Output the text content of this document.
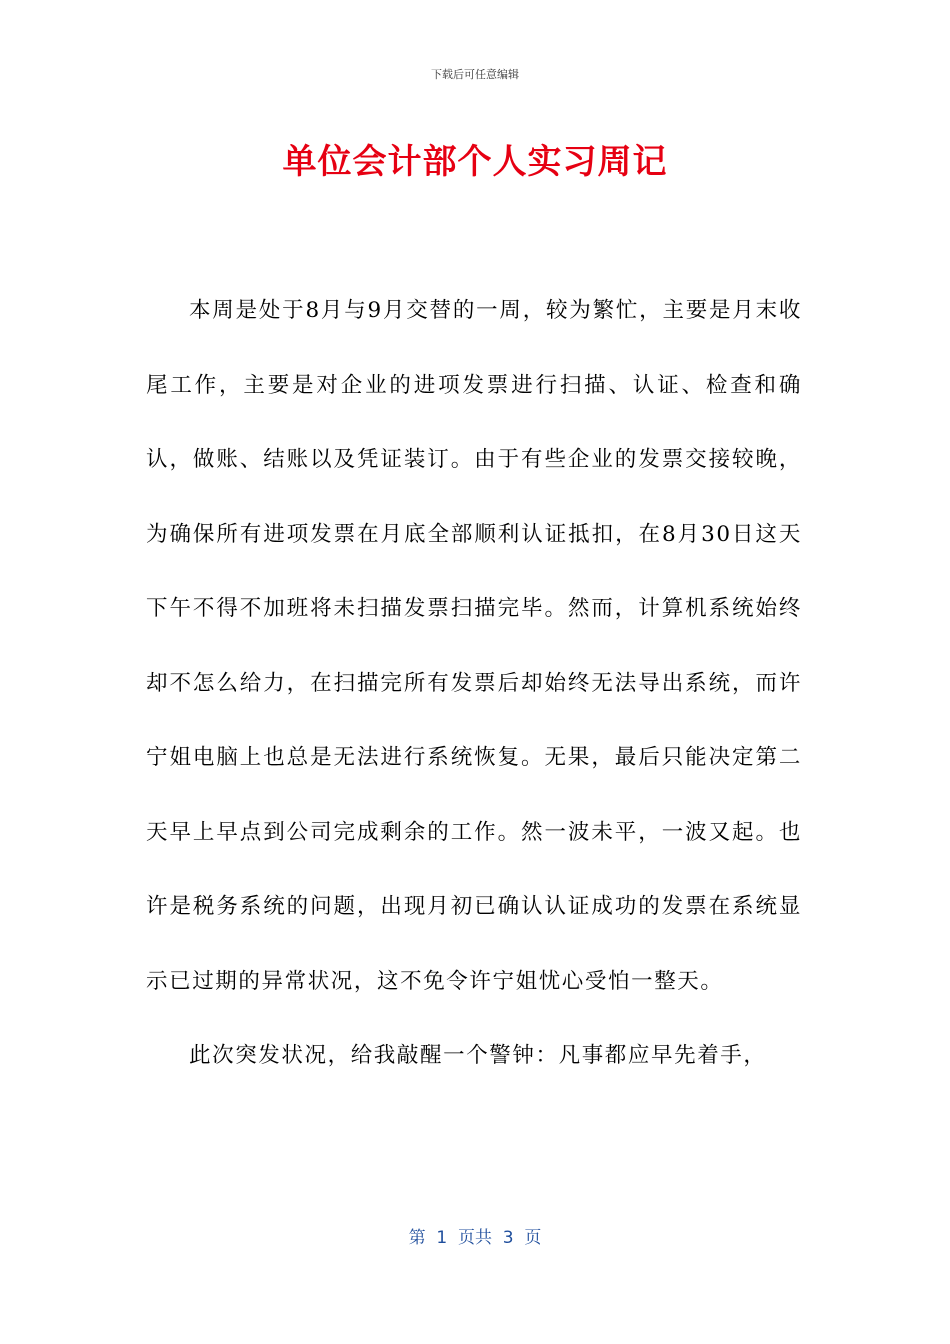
下载后可任意编辑
单位会计部个人实习周记

本周是处于8月与9月交替的一周，较为繁忙，主要是月末收尾工作，主要是对企业的进项发票进行扫描、认证、检查和确认，做账、结账以及凭证装订。由于有些企业的发票交接较晚，为确保所有进项发票在月底全部顺利认证抵扣，在8月30日这天下午不得不加班将未扫描发票扫描完毕。然而，计算机系统始终却不怎么给力，在扫描完所有发票后却始终无法导出系统，而许宁姐电脑上也总是无法进行系统恢复。无果，最后只能决定第二天早上早点到公司完成剩余的工作。然一波未平，一波又起。也许是税务系统的问题，出现月初已确认认证成功的发票在系统显示已过期的异常状况，这不免令许宁姐忧心受怕一整天。

此次突发状况，给我敲醒一个警钟：凡事都应早先着手，

第  1  页共  3  页
